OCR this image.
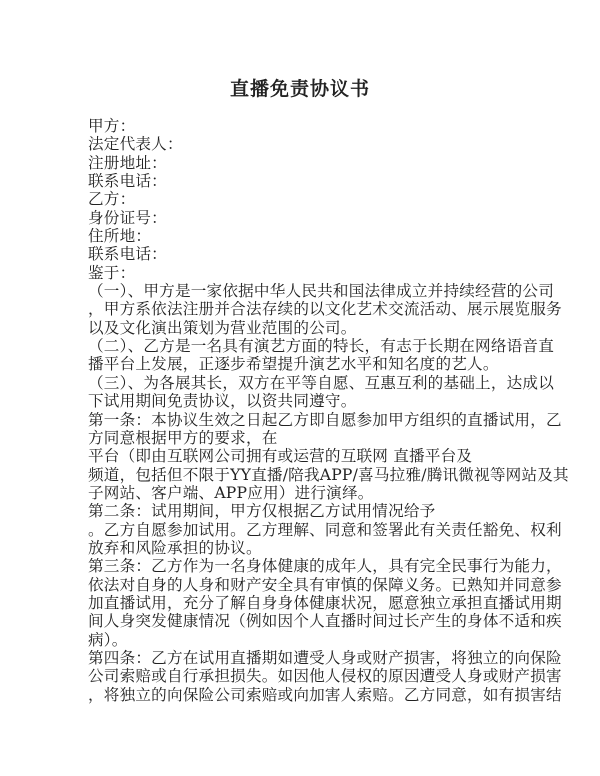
直播免责协议书
甲方：
法定代表人：
注册地址：
联系电话：
乙方：
身份证号：
住所地：
联系电话：
鉴于：
（一）、甲方是一家依据中华人民共和国法律成立并持续经营的公司
，甲方系依法注册并合法存续的以文化艺术交流活动、展示展览服务
以及文化演出策划为营业范围的公司。
（二）、乙方是一名具有演艺方面的特长，有志于长期在网络语音直
播平台上发展，正逐步希望提升演艺水平和知名度的艺人。
（三）、为各展其长，双方在平等自愿、互惠互利的基础上，达成以
下试用期间免责协议，以资共同遵守。
第一条：本协议生效之日起乙方即自愿参加甲方组织的直播试用，乙
方同意根据甲方的要求，在
平台（即由互联网公司拥有或运营的互联网 直播平台及
频道，包括但不限于YY直播/陪我APP/喜马拉雅/腾讯微视等网站及其
子网站、客户端、APP应用）进行演绎。
第二条：试用期间，甲方仅根据乙方试用情况给予
。乙方自愿参加试用。乙方理解、同意和签署此有关责任豁免、权利
放弃和风险承担的协议。
第三条：乙方作为一名身体健康的成年人，具有完全民事行为能力，
依法对自身的人身和财产安全具有审慎的保障义务。已熟知并同意参
加直播试用，充分了解自身身体健康状况，愿意独立承担直播试用期
间人身突发健康情况（例如因个人直播时间过长产生的身体不适和疾
病）。
第四条：乙方在试用直播期如遭受人身或财产损害，将独立的向保险
公司索赔或自行承担损失。如因他人侵权的原因遭受人身或财产损害
，将独立的向保险公司索赔或向加害人索赔。乙方同意，如有损害结
